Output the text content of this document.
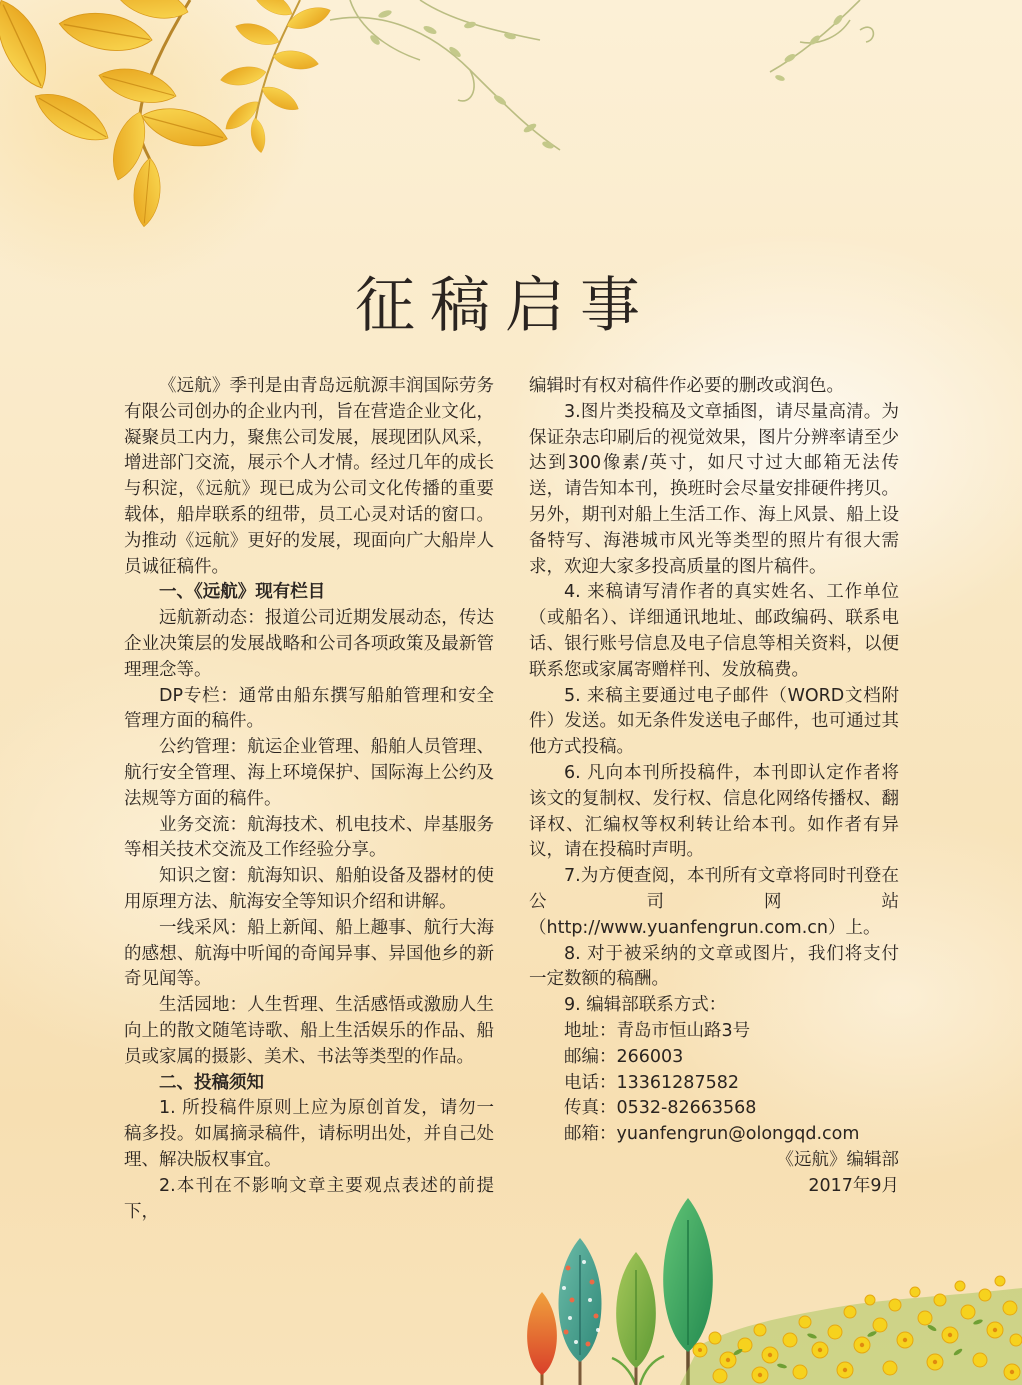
征稿启事

《远航》季刊是由青岛远航源丰润国际劳务有限公司创办的企业内刊，旨在营造企业文化，凝聚员工内力，聚焦公司发展，展现团队风采，增进部门交流，展示个人才情。经过几年的成长与积淀，《远航》现已成为公司文化传播的重要载体，船岸联系的纽带，员工心灵对话的窗口。为推动《远航》更好的发展，现面向广大船岸人员诚征稿件。

一、《远航》现有栏目

远航新动态：报道公司近期发展动态，传达企业决策层的发展战略和公司各项政策及最新管理理念等。

DP专栏：通常由船东撰写船舶管理和安全管理方面的稿件。

公约管理：航运企业管理、船舶人员管理、航行安全管理、海上环境保护、国际海上公约及法规等方面的稿件。

业务交流：航海技术、机电技术、岸基服务等相关技术交流及工作经验分享。

知识之窗：航海知识、船舶设备及器材的使用原理方法、航海安全等知识介绍和讲解。

一线采风：船上新闻、船上趣事、航行大海的感想、航海中听闻的奇闻异事、异国他乡的新奇见闻等。

生活园地：人生哲理、生活感悟或激励人生向上的散文随笔诗歌、船上生活娱乐的作品、船员或家属的摄影、美术、书法等类型的作品。

二、投稿须知

1. 所投稿件原则上应为原创首发，请勿一稿多投。如属摘录稿件，请标明出处，并自己处理、解决版权事宜。

2.本刊在不影响文章主要观点表述的前提下，

编辑时有权对稿件作必要的删改或润色。

3.图片类投稿及文章插图，请尽量高清。为保证杂志印刷后的视觉效果，图片分辨率请至少达到300像素/英寸，如尺寸过大邮箱无法传送，请告知本刊，换班时会尽量安排硬件拷贝。另外，期刊对船上生活工作、海上风景、船上设备特写、海港城市风光等类型的照片有很大需求，欢迎大家多投高质量的图片稿件。

4. 来稿请写清作者的真实姓名、工作单位（或船名）、详细通讯地址、邮政编码、联系电话、银行账号信息及电子信息等相关资料，以便联系您或家属寄赠样刊、发放稿费。

5. 来稿主要通过电子邮件（WORD文档附件）发送。如无条件发送电子邮件，也可通过其他方式投稿。

6. 凡向本刊所投稿件，本刊即认定作者将该文的复制权、发行权、信息化网络传播权、翻译权、汇编权等权利转让给本刊。如作者有异议，请在投稿时声明。

7.为方便查阅，本刊所有文章将同时刊登在公司网站（http://www.yuanfengrun.com.cn）上。

8. 对于被采纳的文章或图片，我们将支付一定数额的稿酬。

9. 编辑部联系方式：

地址：青岛市恒山路3号

邮编：266003

电话：13361287582

传真：0532-82663568

邮箱：yuanfengrun@olongqd.com

《远航》编辑部

2017年9月
